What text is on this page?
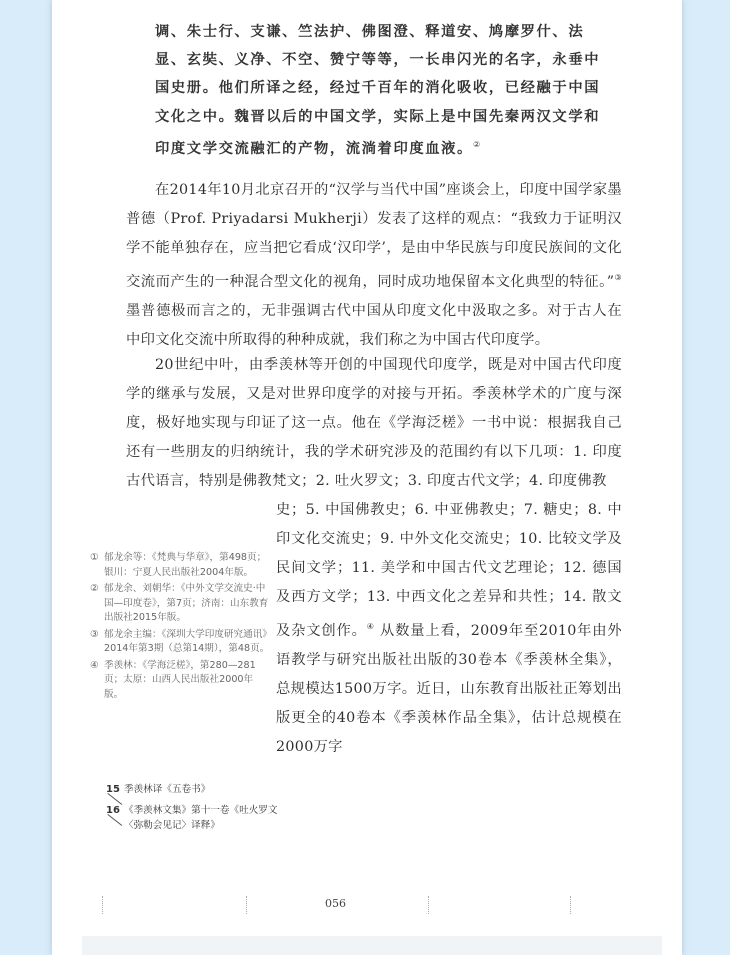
调、朱士行、支谦、竺法护、佛图澄、释道安、鸠摩罗什、法显、玄奘、义净、不空、赞宁等等，一长串闪光的名字，永垂中国史册。他们所译之经，经过千百年的消化吸收，已经融于中国文化之中。魏晋以后的中国文学，实际上是中国先秦两汉文学和印度文学交流融汇的产物，流淌着印度血液。②

在2014年10月北京召开的“汉学与当代中国”座谈会上，印度中国学家墨普德（Prof. Priyadarsi Mukherji）发表了这样的观点：“我致力于证明汉学不能单独存在，应当把它看成‘汉印学’，是由中华民族与印度民族间的文化交流而产生的一种混合型文化的视角，同时成功地保留本文化典型的特征。”③ 墨普德极而言之的，无非强调古代中国从印度文化中汲取之多。对于古人在中印文化交流中所取得的种种成就，我们称之为中国古代印度学。

20世纪中叶，由季羡林等开创的中国现代印度学，既是对中国古代印度学的继承与发展，又是对世界印度学的对接与开拓。季羡林学术的广度与深度，极好地实现与印证了这一点。他在《学海泛槎》一书中说：根据我自己还有一些朋友的归纳统计，我的学术研究涉及的范围约有以下几项：1. 印度古代语言，特别是佛教梵文；2. 吐火罗文；3. 印度古代文学；4. 印度佛教

史；5. 中国佛教史；6. 中亚佛教史；7. 糖史；8. 中印文化交流史；9. 中外文化交流史；10. 比较文学及民间文学；11. 美学和中国古代文艺理论；12. 德国及西方文学；13. 中西文化之差异和共性；14. 散文及杂文创作。④ 从数量上看，2009年至2010年由外语教学与研究出版社出版的30卷本《季羡林全集》，总规模达1500万字。近日，山东教育出版社正筹划出版更全的40卷本《季羡林作品全集》，估计总规模在2000万字
① 郁龙余等：《梵典与华章》，第498页；银川：宁夏人民出版社2004年版。
② 郁龙余、刘朝华：《中外文学交流史·中国—印度卷》，第7页；济南：山东教育出版社2015年版。
③ 郁龙余主编：《深圳大学印度研究通讯》2014年第3期（总第14期），第48页。
④ 季羡林：《学海泛槎》，第280—281页；太原：山西人民出版社2000年版。
15 季羡林译《五卷书》
16 《季羡林文集》第十一卷《吐火罗文〈弥勒会见记〉译释》
056
